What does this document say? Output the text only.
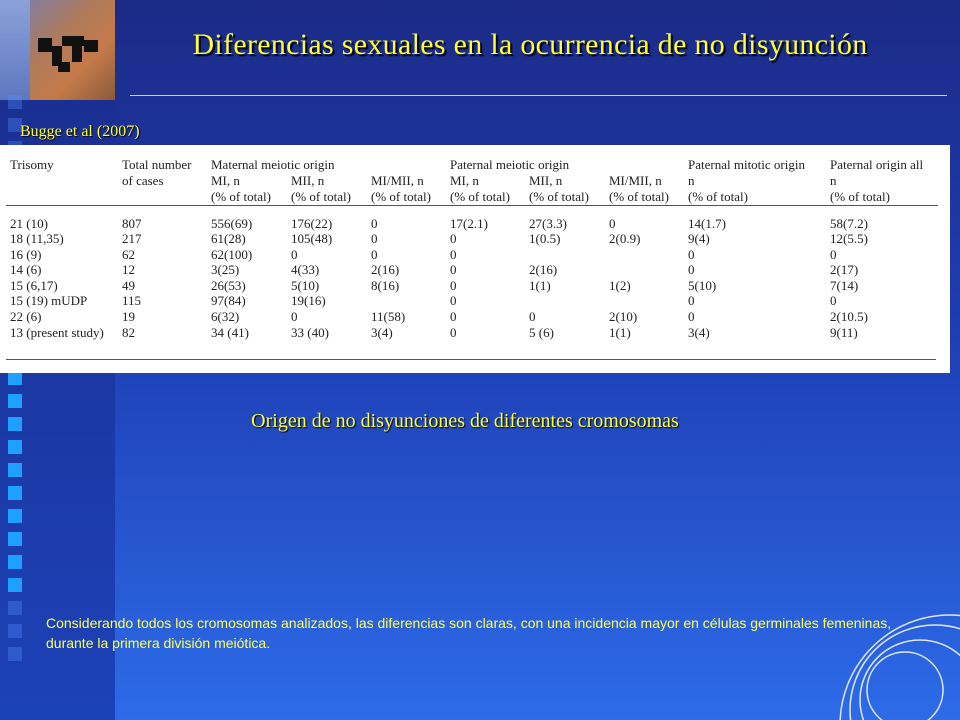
Diferencias sexuales en la ocurrencia de no disyunción
Bugge et al (2007)
Trisomy	Total number	Maternal meiotic origin			Paternal meiotic origin			Paternal mitotic origin	Paternal origin all
	of cases	MI, n	MII, n	MI/MII, n	MI, n	MII, n	MI/MII, n	n	n
		(% of total)	(% of total)	(% of total)	(% of total)	(% of total)	(% of total)	(% of total)	(% of total)

21 (10)	807	556(69)	176(22)	0	17(2.1)	27(3.3)	0	14(1.7)	58(7.2)
18 (11,35)	217	61(28)	105(48)	0	0	1(0.5)	2(0.9)	9(4)	12(5.5)
16 (9)	62	62(100)	0	0	0			0	0
14 (6)	12	3(25)	4(33)	2(16)	0	2(16)		0	2(17)
15 (6,17)	49	26(53)	5(10)	8(16)	0	1(1)	1(2)	5(10)	7(14)
15 (19) mUDP	115	97(84)	19(16)		0			0	0
22 (6)	19	6(32)	0	11(58)	0	0	2(10)	0	2(10.5)
13 (present study)	82	34 (41)	33 (40)	3(4)	0	5 (6)	1(1)	3(4)	9(11)
Origen de no disyunciones de diferentes cromosomas
Considerando todos los cromosomas analizados, las diferencias son claras, con una incidencia mayor en células germinales femeninas, durante la primera división meiótica.
